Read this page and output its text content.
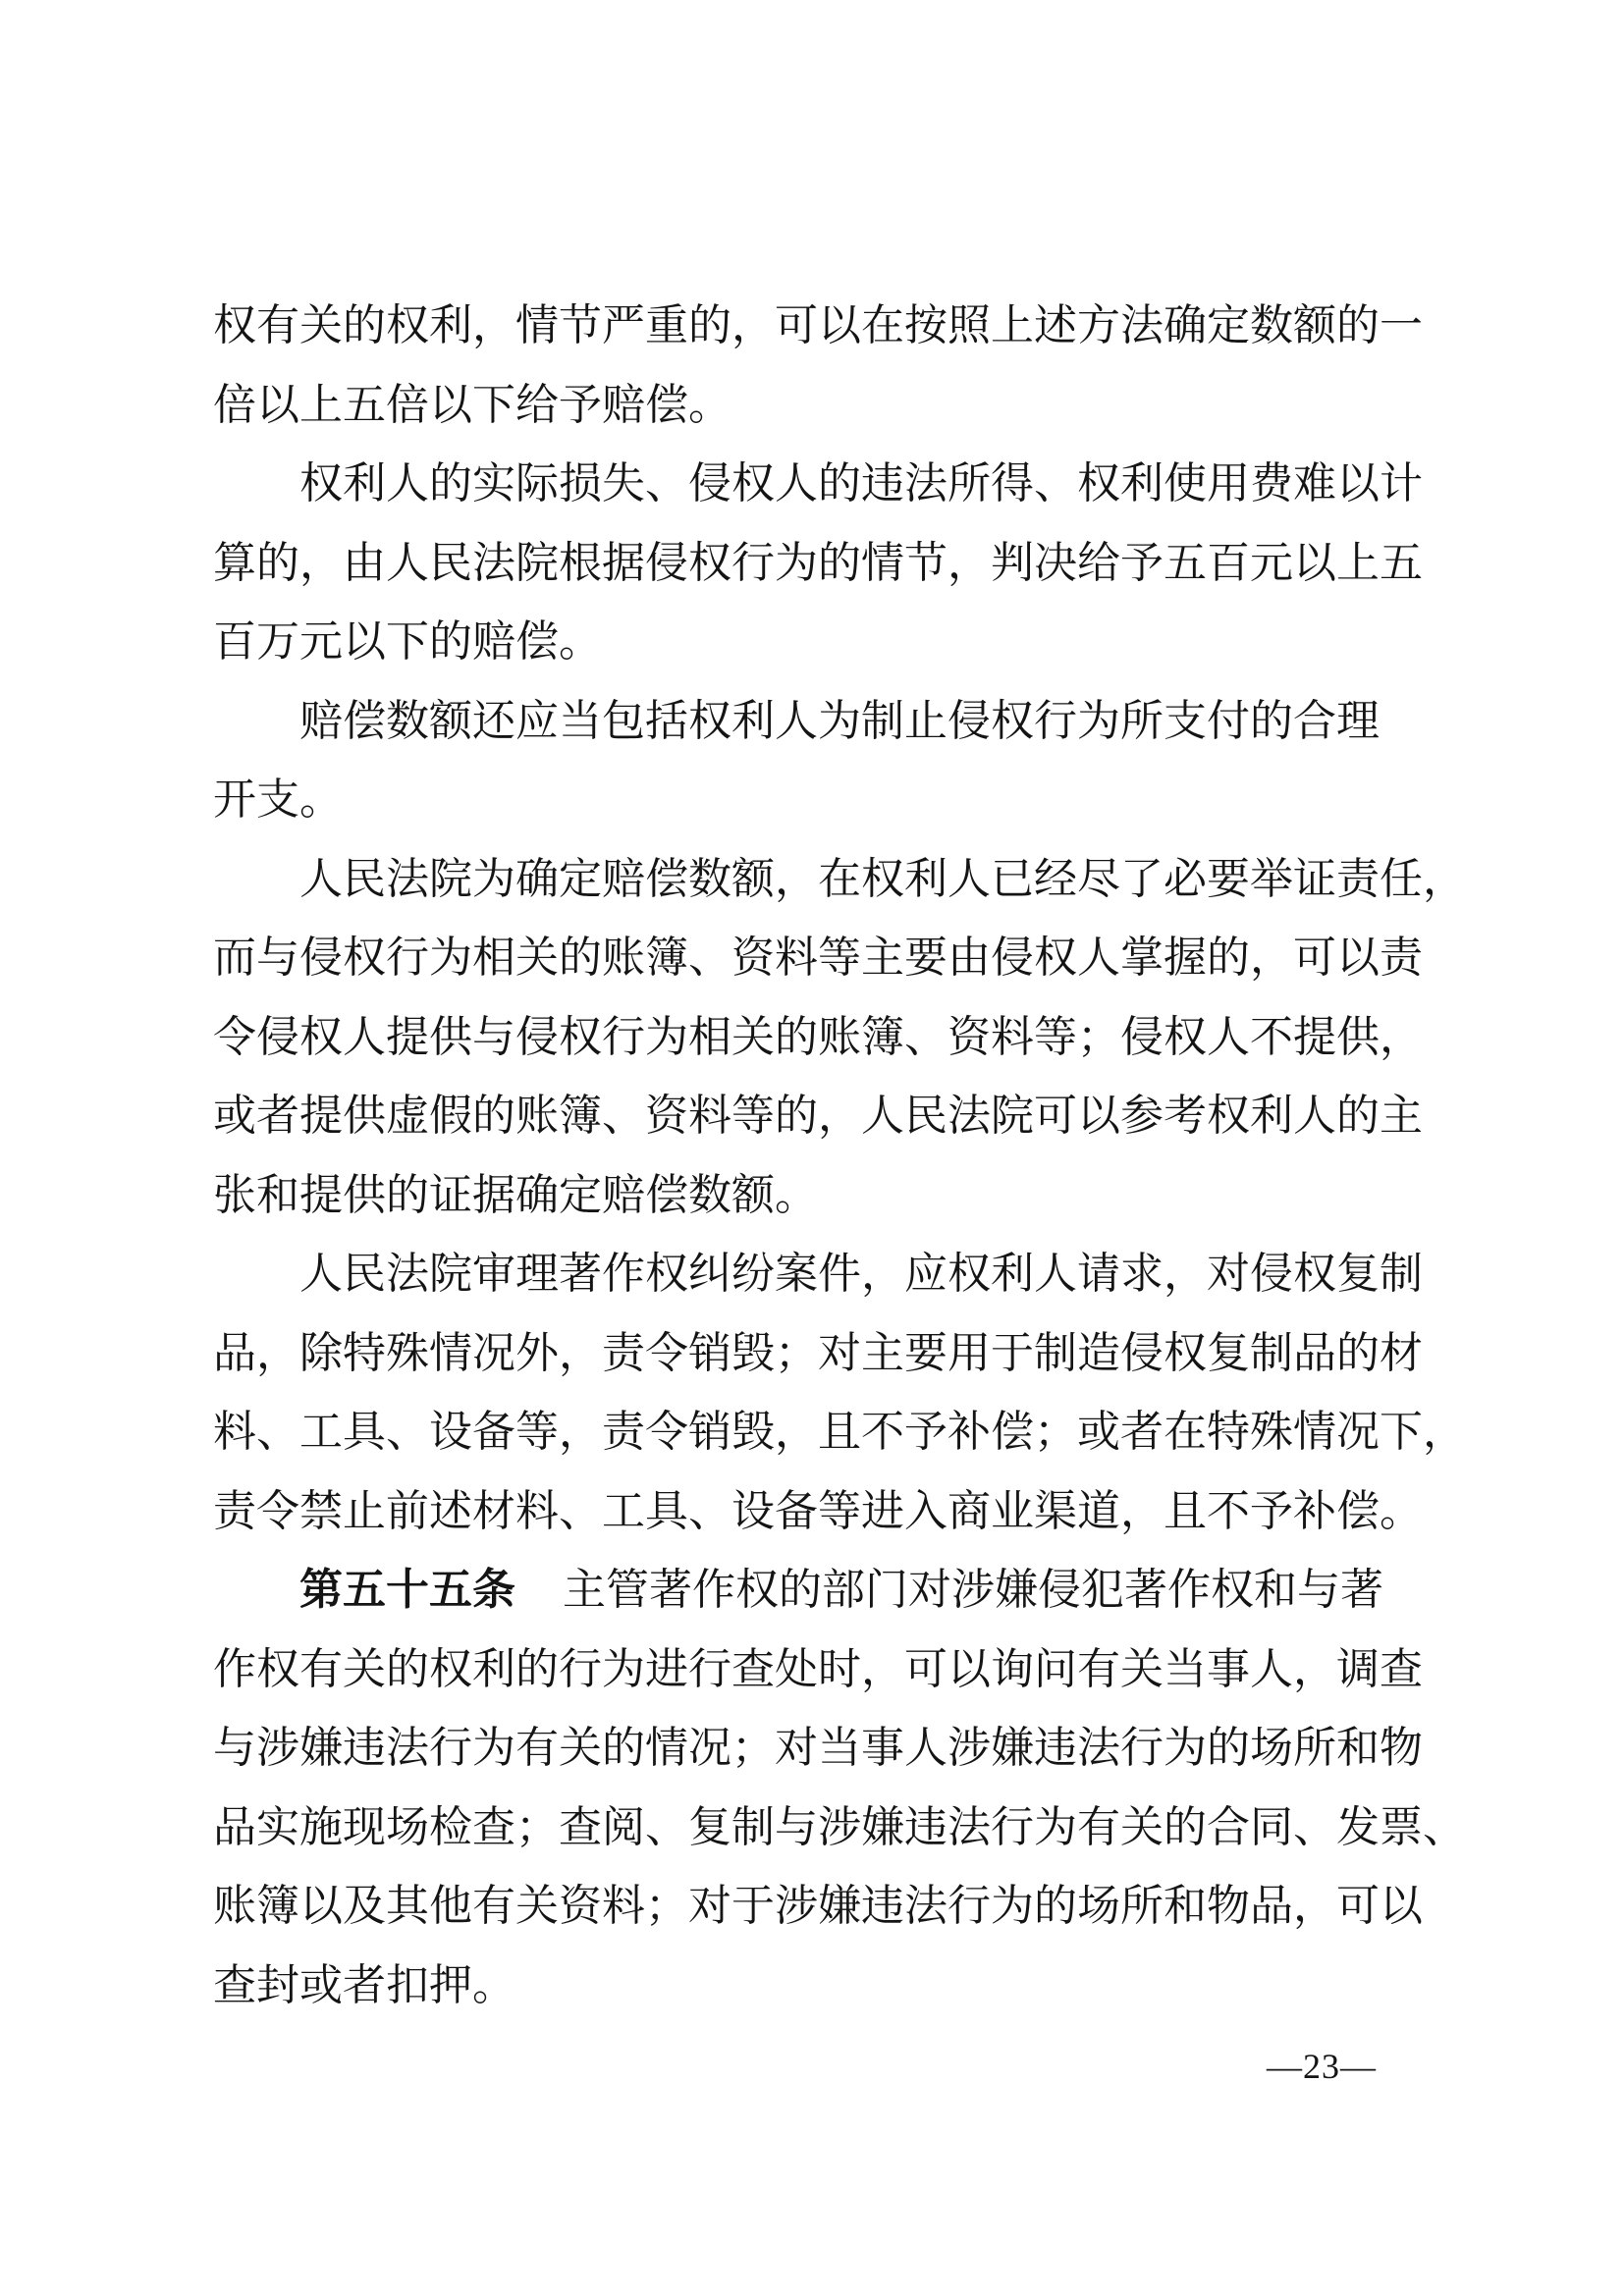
权有关的权利，情节严重的，可以在按照上述方法确定数额的一
倍以上五倍以下给予赔偿。
权利人的实际损失、侵权人的违法所得、权利使用费难以计
算的，由人民法院根据侵权行为的情节，判决给予五百元以上五
百万元以下的赔偿。
赔偿数额还应当包括权利人为制止侵权行为所支付的合理
开支。
人民法院为确定赔偿数额，在权利人已经尽了必要举证责任，
而与侵权行为相关的账簿、资料等主要由侵权人掌握的，可以责
令侵权人提供与侵权行为相关的账簿、资料等；侵权人不提供，
或者提供虚假的账簿、资料等的，人民法院可以参考权利人的主
张和提供的证据确定赔偿数额。
人民法院审理著作权纠纷案件，应权利人请求，对侵权复制
品，除特殊情况外，责令销毁；对主要用于制造侵权复制品的材
料、工具、设备等，责令销毁，且不予补偿；或者在特殊情况下，
责令禁止前述材料、工具、设备等进入商业渠道，且不予补偿。
第五十五条 主管著作权的部门对涉嫌侵犯著作权和与著
作权有关的权利的行为进行查处时，可以询问有关当事人，调查
与涉嫌违法行为有关的情况；对当事人涉嫌违法行为的场所和物
品实施现场检查；查阅、复制与涉嫌违法行为有关的合同、发票、
账簿以及其他有关资料；对于涉嫌违法行为的场所和物品，可以
查封或者扣押。
—23—
